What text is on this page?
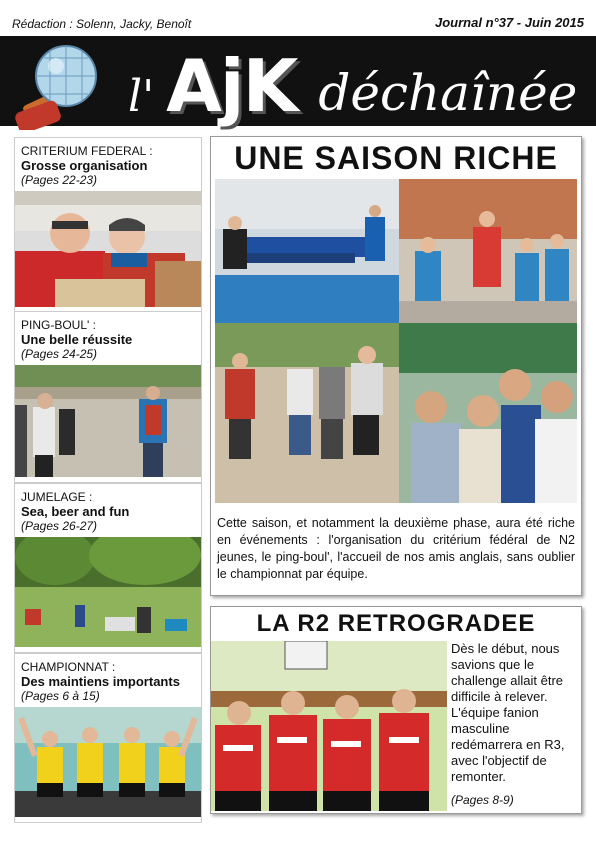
Rédaction : Solenn, Jacky, Benoît	Journal n°37 - Juin 2015
l' AjK déchaînée
CRITERIUM FEDERAL :
Grosse organisation
(Pages 22-23)
PING-BOUL' :
Une belle réussite
(Pages 24-25)
JUMELAGE :
Sea, beer and fun
(Pages 26-27)
CHAMPIONNAT :
Des maintiens importants
(Pages 6 à 15)
UNE SAISON RICHE
Cette saison, et notamment la deuxième phase, aura été riche en événements : l'organisation du critérium fédéral de N2 jeunes, le ping-boul', l'accueil de nos amis anglais, sans oublier le championnat par équipe.
LA R2 RETROGRADEE
Dès le début, nous savions que le challenge allait être difficile à relever. L'équipe fanion masculine redémarrera en R3, avec l'objectif de remonter.
(Pages 8-9)
